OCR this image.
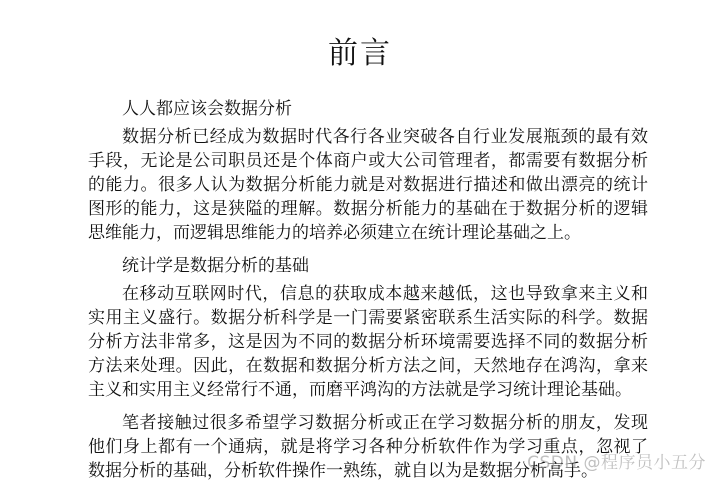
前言
人人都应该会数据分析

数据分析已经成为数据时代各行各业突破各自行业发展瓶颈的最有效手段，无论是公司职员还是个体商户或大公司管理者，都需要有数据分析的能力。很多人认为数据分析能力就是对数据进行描述和做出漂亮的统计图形的能力，这是狭隘的理解。数据分析能力的基础在于数据分析的逻辑思维能力，而逻辑思维能力的培养必须建立在统计理论基础之上。

统计学是数据分析的基础

在移动互联网时代，信息的获取成本越来越低，这也导致拿来主义和实用主义盛行。数据分析科学是一门需要紧密联系生活实际的科学。数据分析方法非常多，这是因为不同的数据分析环境需要选择不同的数据分析方法来处理。因此，在数据和数据分析方法之间，天然地存在鸿沟，拿来主义和实用主义经常行不通，而磨平鸿沟的方法就是学习统计理论基础。

笔者接触过很多希望学习数据分析或正在学习数据分析的朋友，发现他们身上都有一个通病，就是将学习各种分析软件作为学习重点，忽视了数据分析的基础，分析软件操作一熟练，就自以为是数据分析高手。

CSDN @程序员小五分
